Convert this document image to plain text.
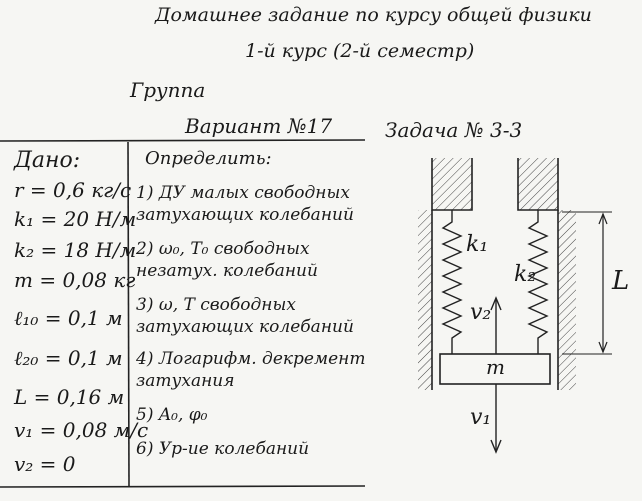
Домашнее задание по курсу общей физики
1-й курс (2-й семестр)
Группа
Вариант №17	Задача № 3-3
Дано:
r = 0,6 кг/с
k₁ = 20 Н/м
k₂ = 18 Н/м
m = 0,08 кг
ℓ₁₀ = 0,1 м
ℓ₂₀ = 0,1 м
L = 0,16 м
v₁ = 0,08 м/с
v₂ = 0
Определить:
1) ДУ малых свободных
затухающих колебаний
2) ω₀, T₀ свободных
незатух. колебаний
3) ω, T свободных
затухающих колебаний
4) Логарифм. декремент
затухания
5) A₀, φ₀
6) Ур-ие колебаний
k₁
k₂
m
L
v₂
v₁
